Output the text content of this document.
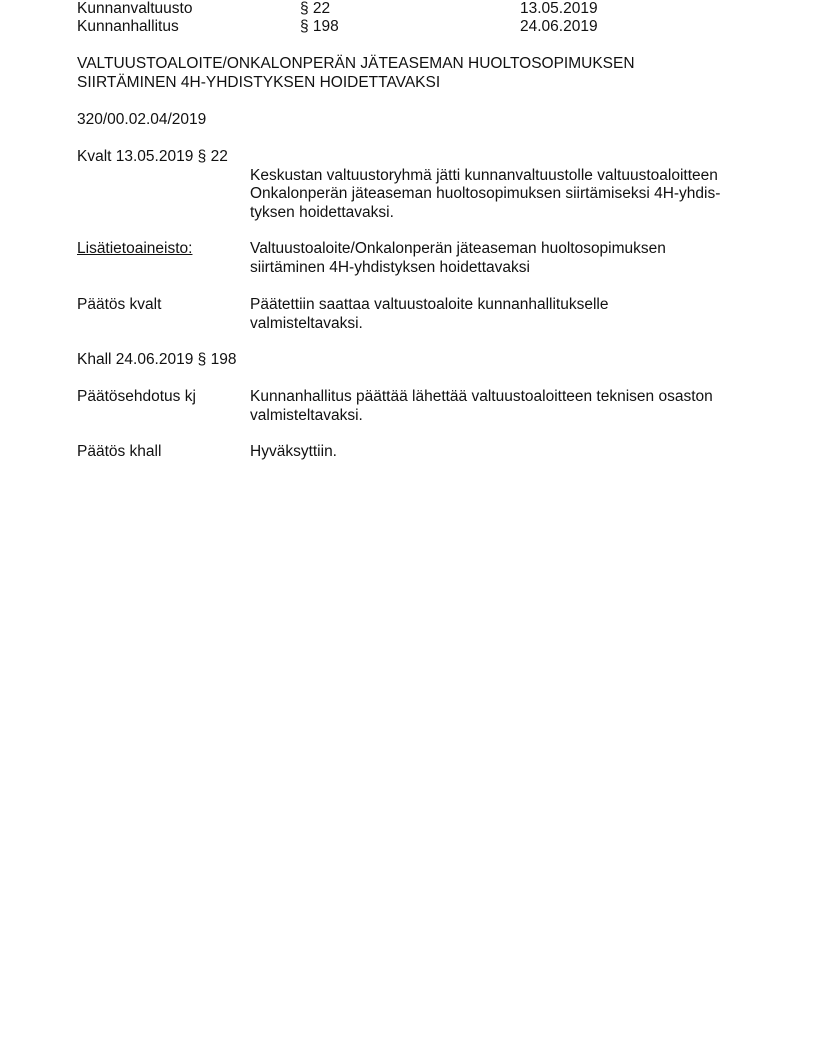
Kunnanvaltuusto	§ 22	13.05.2019
Kunnanhallitus	§ 198	24.06.2019
VALTUUSTOALOITE/ONKALONPERÄN JÄTEASEMAN HUOLTOSOPIMUKSEN
SIIRTÄMINEN 4H-YHDISTYKSEN HOIDETTAVAKSI
320/00.02.04/2019
Kvalt 13.05.2019 § 22
Keskustan valtuustoryhmä jätti kunnanvaltuustolle valtuustoaloitteen
Onkalonperän jäteaseman huoltosopimuksen siirtämiseksi 4H-yhdis-
tyksen hoidettavaksi.
Lisätietoaineisto:	Valtuustoaloite/Onkalonperän jäteaseman huoltosopimuksen
siirtäminen 4H-yhdistyksen hoidettavaksi
Päätös kvalt	Päätettiin saattaa valtuustoaloite kunnanhallitukselle
valmisteltavaksi.
Khall 24.06.2019 § 198
Päätösehdotus kj	Kunnanhallitus päättää lähettää valtuustoaloitteen teknisen osaston
valmisteltavaksi.
Päätös khall	Hyväksyttiin.
